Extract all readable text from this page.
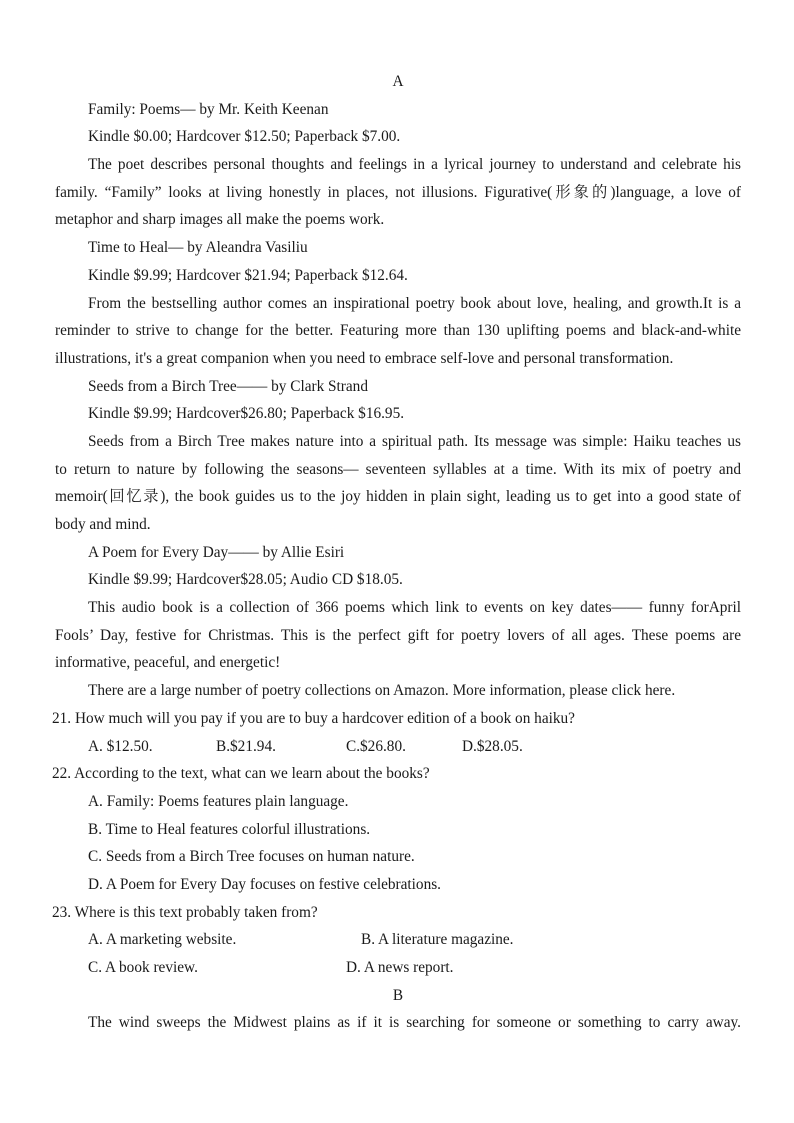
A
Family: Poems— by Mr. Keith Keenan
Kindle $0.00; Hardcover $12.50; Paperback $7.00.
The poet describes personal thoughts and feelings in a lyrical journey to understand and celebrate his
family. “Family” looks at living honestly in places, not illusions. Figurative(形象的)language, a love of
metaphor and sharp images all make the poems work.
Time to Heal— by Aleandra Vasiliu
Kindle $9.99; Hardcover $21.94; Paperback $12.64.
From the bestselling author comes an inspirational poetry book about love, healing, and growth.It is a
reminder to strive to change for the better. Featuring more than 130 uplifting poems and black-and-white
illustrations, it's a great companion when you need to embrace self-love and personal transformation.
Seeds from a Birch Tree—— by Clark Strand
Kindle $9.99; Hardcover$26.80; Paperback $16.95.
Seeds from a Birch Tree makes nature into a spiritual path. Its message was simple: Haiku teaches us
to return to nature by following the seasons— seventeen syllables at a time. With its mix of poetry and
memoir(回忆录), the book guides us to the joy hidden in plain sight, leading us to get into a good state of
body and mind.
A Poem for Every Day—— by Allie Esiri
Kindle $9.99; Hardcover$28.05; Audio CD $18.05.
This audio book is a collection of 366 poems which link to events on key dates—— funny forApril
Fools’ Day, festive for Christmas. This is the perfect gift for poetry lovers of all ages. These poems are
informative, peaceful, and energetic!
There are a large number of poetry collections on Amazon. More information, please click here.
21. How much will you pay if you are to buy a hardcover edition of a book on haiku?
A. $12.50.	B.$21.94.	C.$26.80.	D.$28.05.
22. According to the text, what can we learn about the books?
A. Family: Poems features plain language.
B. Time to Heal features colorful illustrations.
C. Seeds from a Birch Tree focuses on human nature.
D. A Poem for Every Day focuses on festive celebrations.
23. Where is this text probably taken from?
A. A marketing website.	B. A literature magazine.
C. A book review.	D. A news report.
B
The wind sweeps the Midwest plains as if it is searching for someone or something to carry away.
